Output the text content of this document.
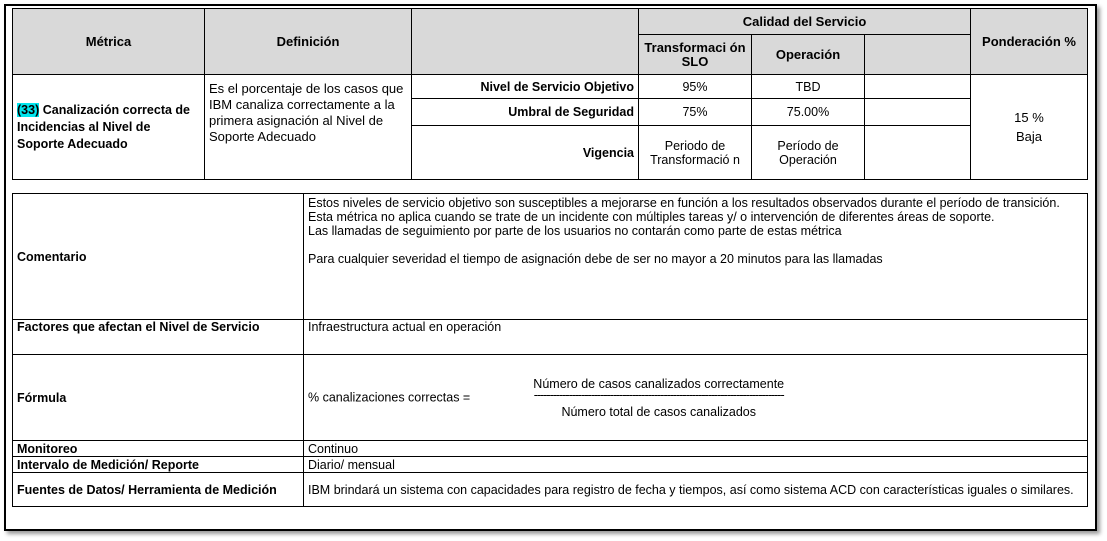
Métrica	Definición		Calidad del Servicio			Ponderación %
			Transformaci ón SLO	Operación		
(33) Canalización correcta de Incidencias al Nivel de Soporte Adecuado	Es el porcentaje de los casos que IBM canaliza correctamente a la primera asignación al Nivel de Soporte Adecuado	Nivel de Servicio Objetivo	95%	TBD		15 %
Baja

		Umbral de Seguridad	75%	75.00%		
		Vigencia	Periodo de Transformació n	Período de Operación		
Comentario	Estos niveles de servicio objetivo son susceptibles a mejorarse en función a los resultados observados durante el período de transición.
Esta métrica no aplica cuando se trate de un incidente con múltiples tareas y/ o intervención de diferentes áreas de soporte.
Las llamadas de seguimiento por parte de los usuarios no contarán como parte de estas métrica
Para cualquier severidad el tiempo de asignación debe de ser no mayor a 20 minutos para las llamadas

Factores que afectan el Nivel de Servicio	Infraestructura actual en operación
Fórmula	% canalizaciones correctas =
Número de casos canalizados correctamente
-------------------------------------------------------------------------------
Número total de casos canalizados

Monitoreo	Continuo
Intervalo de Medición/ Reporte	Diario/ mensual
Fuentes de Datos/ Herramienta de Medición	IBM brindará un sistema con capacidades para registro de fecha y tiempos, así como sistema ACD con características iguales o similares.
